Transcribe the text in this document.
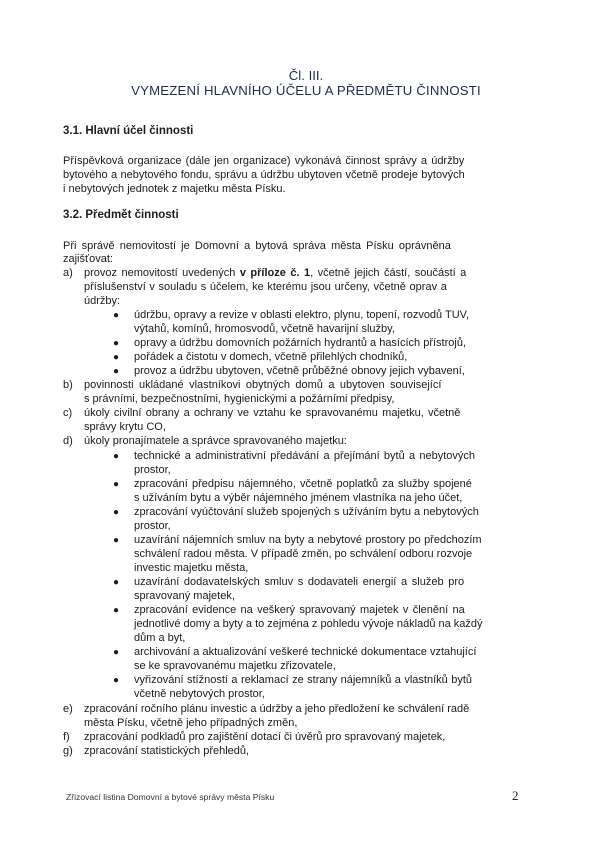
Čl. III.
VYMEZENÍ HLAVNÍHO ÚČELU A PŘEDMĚTU ČINNOSTI
3.1. Hlavní účel činnosti
Příspěvková organizace (dále jen organizace) vykonává činnost správy a údržby
bytového a nebytového fondu, správu a údržbu ubytoven včetně prodeje bytových
i nebytových jednotek z majetku města Písku.
3.2. Předmět činnosti
Při správě nemovitostí je Domovní a bytová správa města Písku oprávněna
zajišťovat:
a) provoz nemovitostí uvedených v příloze č. 1, včetně jejich částí, součástí a
příslušenství v souladu s účelem, ke kterému jsou určeny, včetně oprav a
údržby:
● údržbu, opravy a revize v oblasti elektro, plynu, topení, rozvodů TUV,
výtahů, komínů, hromosvodů, včetně havarijní služby,
● opravy a údržbu domovních požárních hydrantů a hasících přístrojů,
● pořádek a čistotu v domech, včetně přilehlých chodníků,
● provoz a údržbu ubytoven, včetně průběžné obnovy jejich vybavení,
b) povinnosti ukládané vlastníkovi obytných domů a ubytoven související
s právními, bezpečnostními, hygienickými a požárními předpisy,
c) úkoly civilní obrany a ochrany ve vztahu ke spravovanému majetku, včetně
správy krytu CO,
d) úkoly pronajímatele a správce spravovaného majetku:
● technické a administrativní předávání a přejímání bytů a nebytových
prostor,
● zpracování předpisu nájemného, včetně poplatků za služby spojené
s užíváním bytu a výběr nájemného jménem vlastníka na jeho účet,
● zpracování vyúčtování služeb spojených s užíváním bytu a nebytových
prostor,
● uzavírání nájemních smluv na byty a nebytové prostory po předchozím
schválení radou města. V případě změn, po schválení odboru rozvoje
investic majetku města,
● uzavírání dodavatelských smluv s dodavateli energií a služeb pro
spravovaný majetek,
● zpracování evidence na veškerý spravovaný majetek v členění na
jednotlivé domy a byty a to zejména z pohledu vývoje nákladů na každý
dům a byt,
● archivování a aktualizování veškeré technické dokumentace vztahující
se ke spravovanému majetku zřizovatele,
● vyřizování stížností a reklamací ze strany nájemníků a vlastníků bytů
včetně nebytových prostor,
e) zpracování ročního plánu investic a údržby a jeho předložení ke schválení radě
města Písku, včetně jeho případných změn,
f) zpracování podkladů pro zajištění dotací či úvěrů pro spravovaný majetek,
g) zpracování statistických přehledů,
Zřizovací listina Domovní a bytové správy města Písku	2
